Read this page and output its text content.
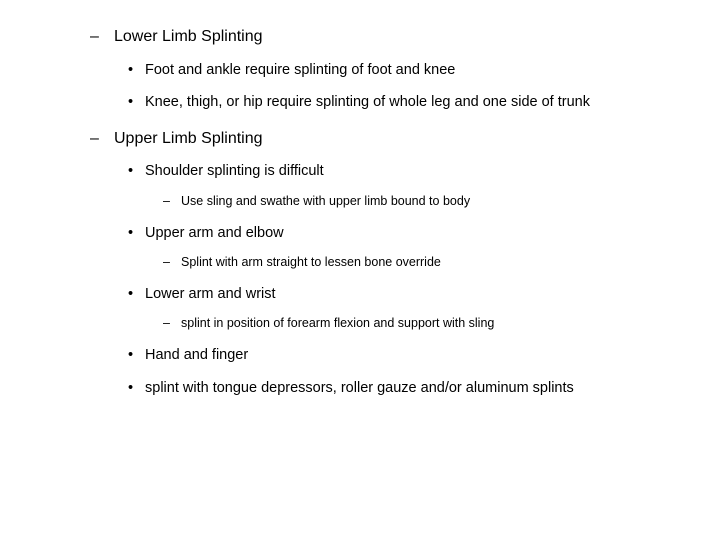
– Lower Limb Splinting
• Foot and ankle require splinting of foot and knee
• Knee, thigh, or hip require splinting of whole leg and one side of trunk
– Upper Limb Splinting
• Shoulder splinting is difficult
– Use sling and swathe with upper limb bound to body
• Upper arm and elbow
– Splint with arm straight to lessen bone override
• Lower arm and wrist
– splint in position of forearm flexion and support with sling
• Hand and finger
• splint with tongue depressors, roller gauze and/or aluminum splints
